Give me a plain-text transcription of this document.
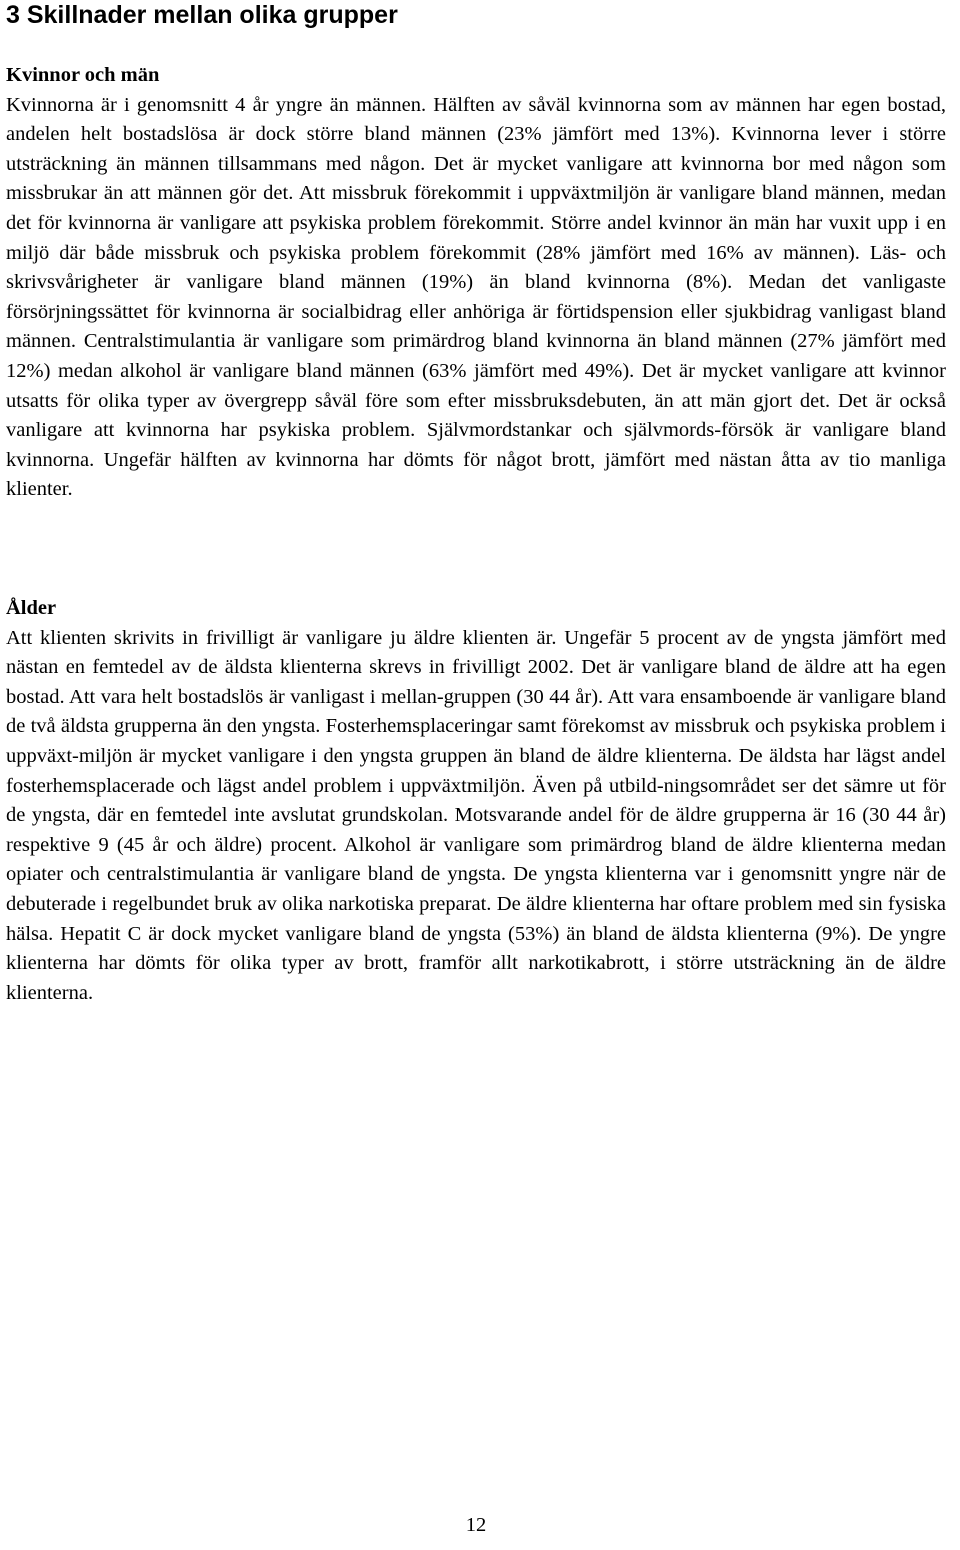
3 Skillnader mellan olika grupper
Kvinnor och män

Kvinnorna är i genomsnitt 4 år yngre än männen. Hälften av såväl kvinnorna som av männen har egen bostad, andelen helt bostadslösa är dock större bland männen (23% jämfört med 13%). Kvinnorna lever i större utsträckning än männen tillsammans med någon. Det är mycket vanligare att kvinnorna bor med någon som missbrukar än att männen gör det. Att missbruk förekommit i uppväxtmiljön är vanligare bland männen, medan det för kvinnorna är vanligare att psykiska problem förekommit. Större andel kvinnor än män har vuxit upp i en miljö där både missbruk och psykiska problem förekommit (28% jämfört med 16% av männen). Läs- och skrivsvårigheter är vanligare bland männen (19%) än bland kvinnorna (8%). Medan det vanligaste försörjningssättet för kvinnorna är socialbidrag eller anhöriga är förtidspension eller sjukbidrag vanligast bland männen. Centralstimulantia är vanligare som primärdrog bland kvinnorna än bland männen (27% jämfört med 12%) medan alkohol är vanligare bland männen (63% jämfört med 49%). Det är mycket vanligare att kvinnor utsatts för olika typer av övergrepp såväl före som efter missbruksdebuten, än att män gjort det. Det är också vanligare att kvinnorna har psykiska problem. Självmordstankar och självmords-försök är vanligare bland kvinnorna. Ungefär hälften av kvinnorna har dömts för något brott, jämfört med nästan åtta av tio manliga klienter.

Ålder

Att klienten skrivits in frivilligt är vanligare ju äldre klienten är. Ungefär 5 procent av de yngsta jämfört med nästan en femtedel av de äldsta klienterna skrevs in frivilligt 2002. Det är vanligare bland de äldre att ha egen bostad. Att vara helt bostadslös är vanligast i mellan-gruppen (30 44 år). Att vara ensamboende är vanligare bland de två äldsta grupperna än den yngsta. Fosterhemsplaceringar samt förekomst av missbruk och psykiska problem i uppväxt-miljön är mycket vanligare i den yngsta gruppen än bland de äldre klienterna. De äldsta har lägst andel fosterhemsplacerade och lägst andel problem i uppväxtmiljön. Även på utbild-ningsområdet ser det sämre ut för de yngsta, där en femtedel inte avslutat grundskolan. Motsvarande andel för de äldre grupperna är 16 (30 44 år) respektive 9 (45 år och äldre) procent. Alkohol är vanligare som primärdrog bland de äldre klienterna medan opiater och centralstimulantia är vanligare bland de yngsta. De yngsta klienterna var i genomsnitt yngre när de debuterade i regelbundet bruk av olika narkotiska preparat. De äldre klienterna har oftare problem med sin fysiska hälsa. Hepatit C är dock mycket vanligare bland de yngsta (53%) än bland de äldsta klienterna (9%). De yngre klienterna har dömts för olika typer av brott, framför allt narkotikabrott, i större utsträckning än de äldre klienterna.

12
